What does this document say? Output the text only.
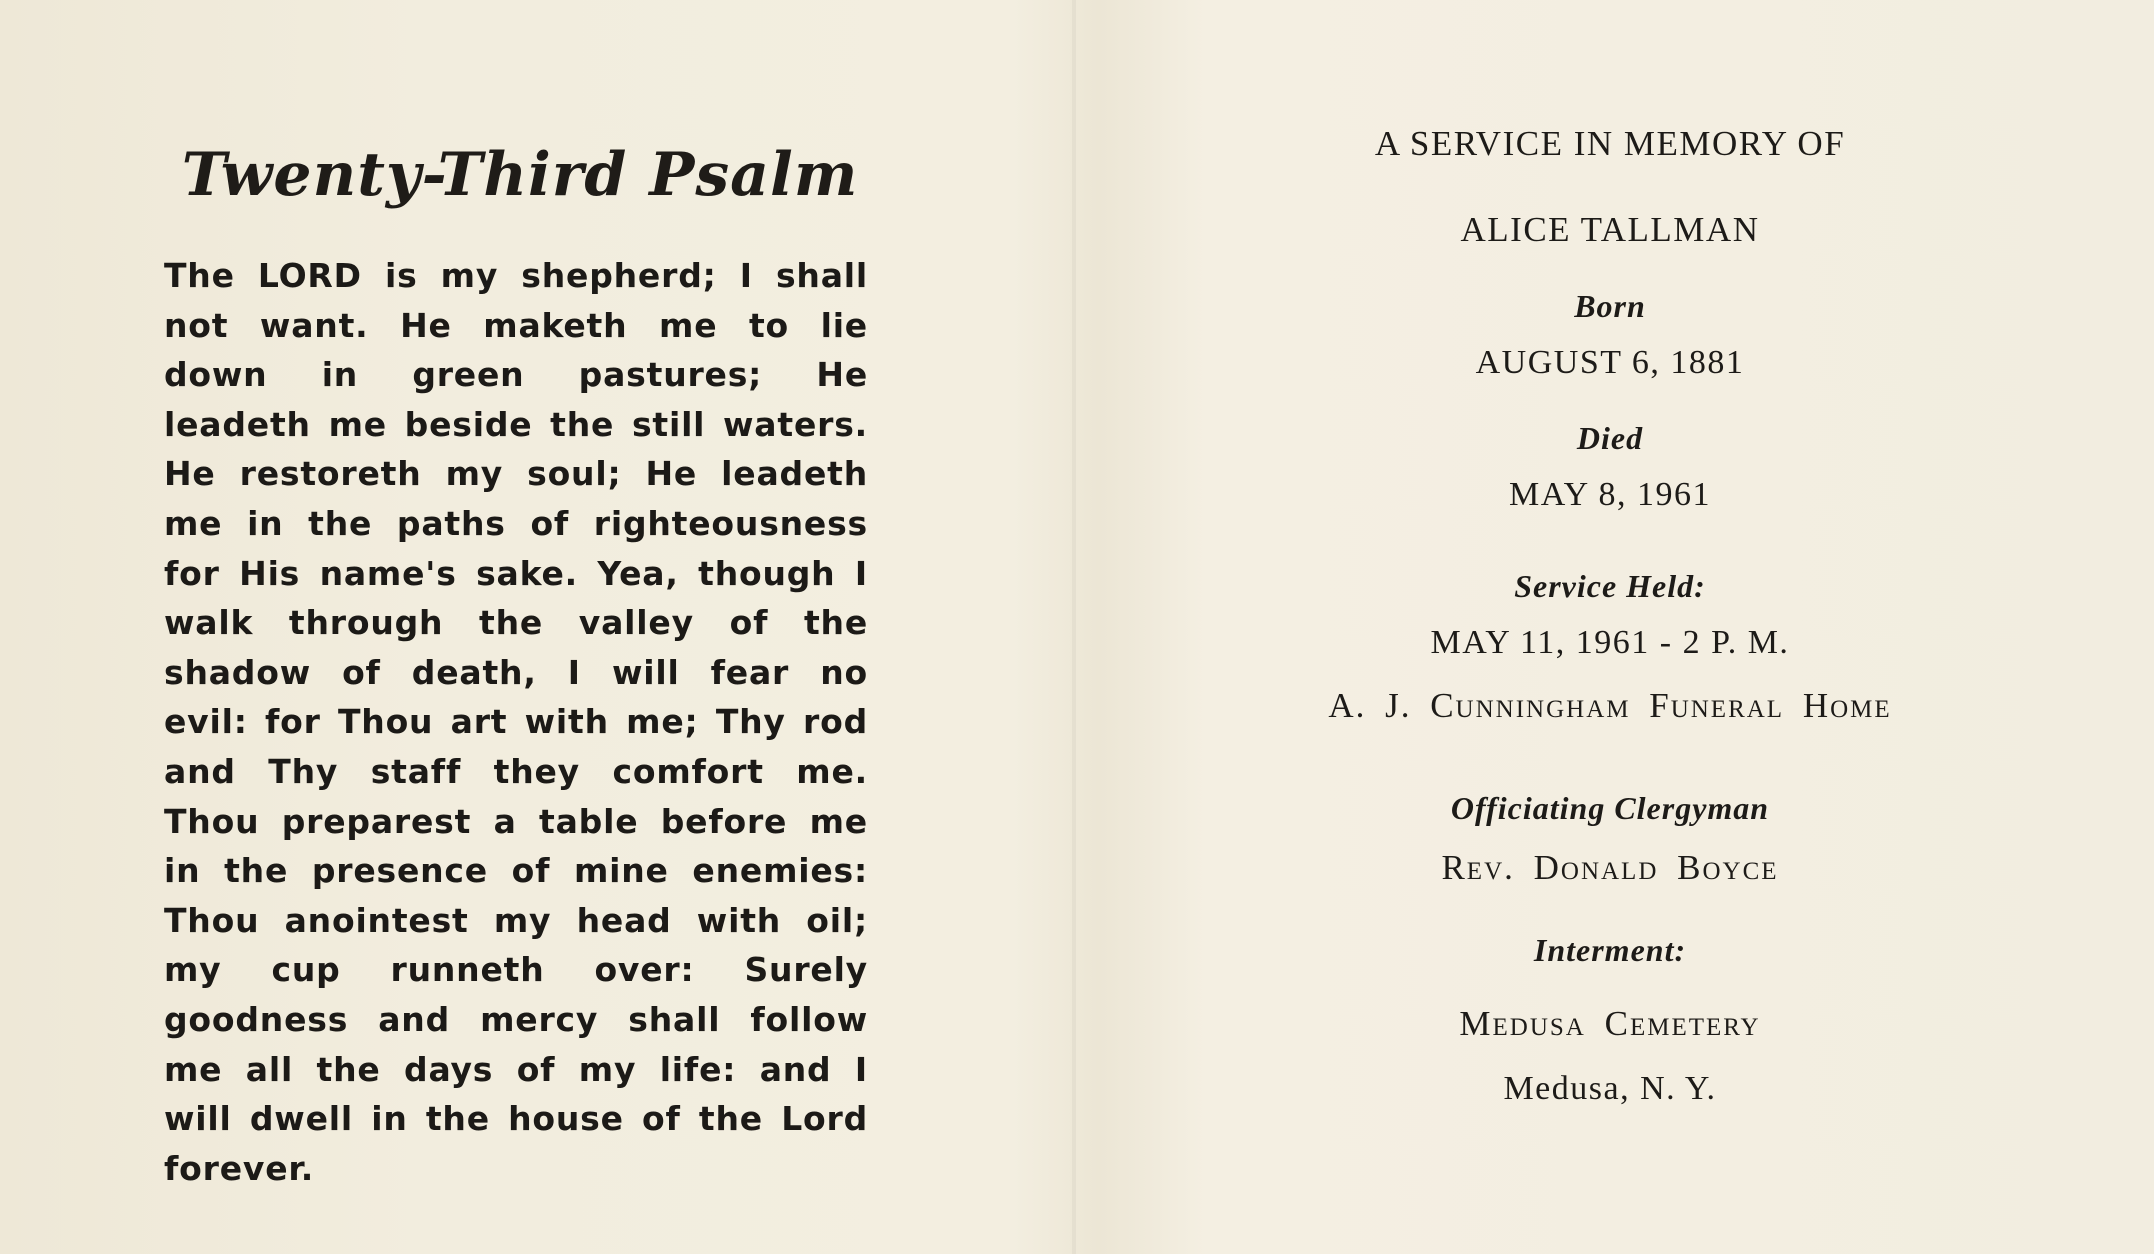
Twenty-Third Psalm

The LORD is my shepherd; I shall not want. He maketh me to lie down in green pastures; He leadeth me beside the still waters. He restoreth my soul; He leadeth me in the paths of righteousness for His name's sake. Yea, though I walk through the valley of the shadow of death, I will fear no evil: for Thou art with me; Thy rod and Thy staff they comfort me. Thou preparest a table before me in the presence of mine enemies: Thou anointest my head with oil; my cup runneth over: Surely goodness and mercy shall follow me all the days of my life: and I will dwell in the house of the Lord forever.

A SERVICE IN MEMORY OF
ALICE TALLMAN
Born
AUGUST 6, 1881
Died
MAY 8, 1961
Service Held:
MAY 11, 1961 - 2 P. M.
A. J. Cunningham Funeral Home
Officiating Clergyman
Rev. Donald Boyce
Interment:
Medusa Cemetery
Medusa, N. Y.
